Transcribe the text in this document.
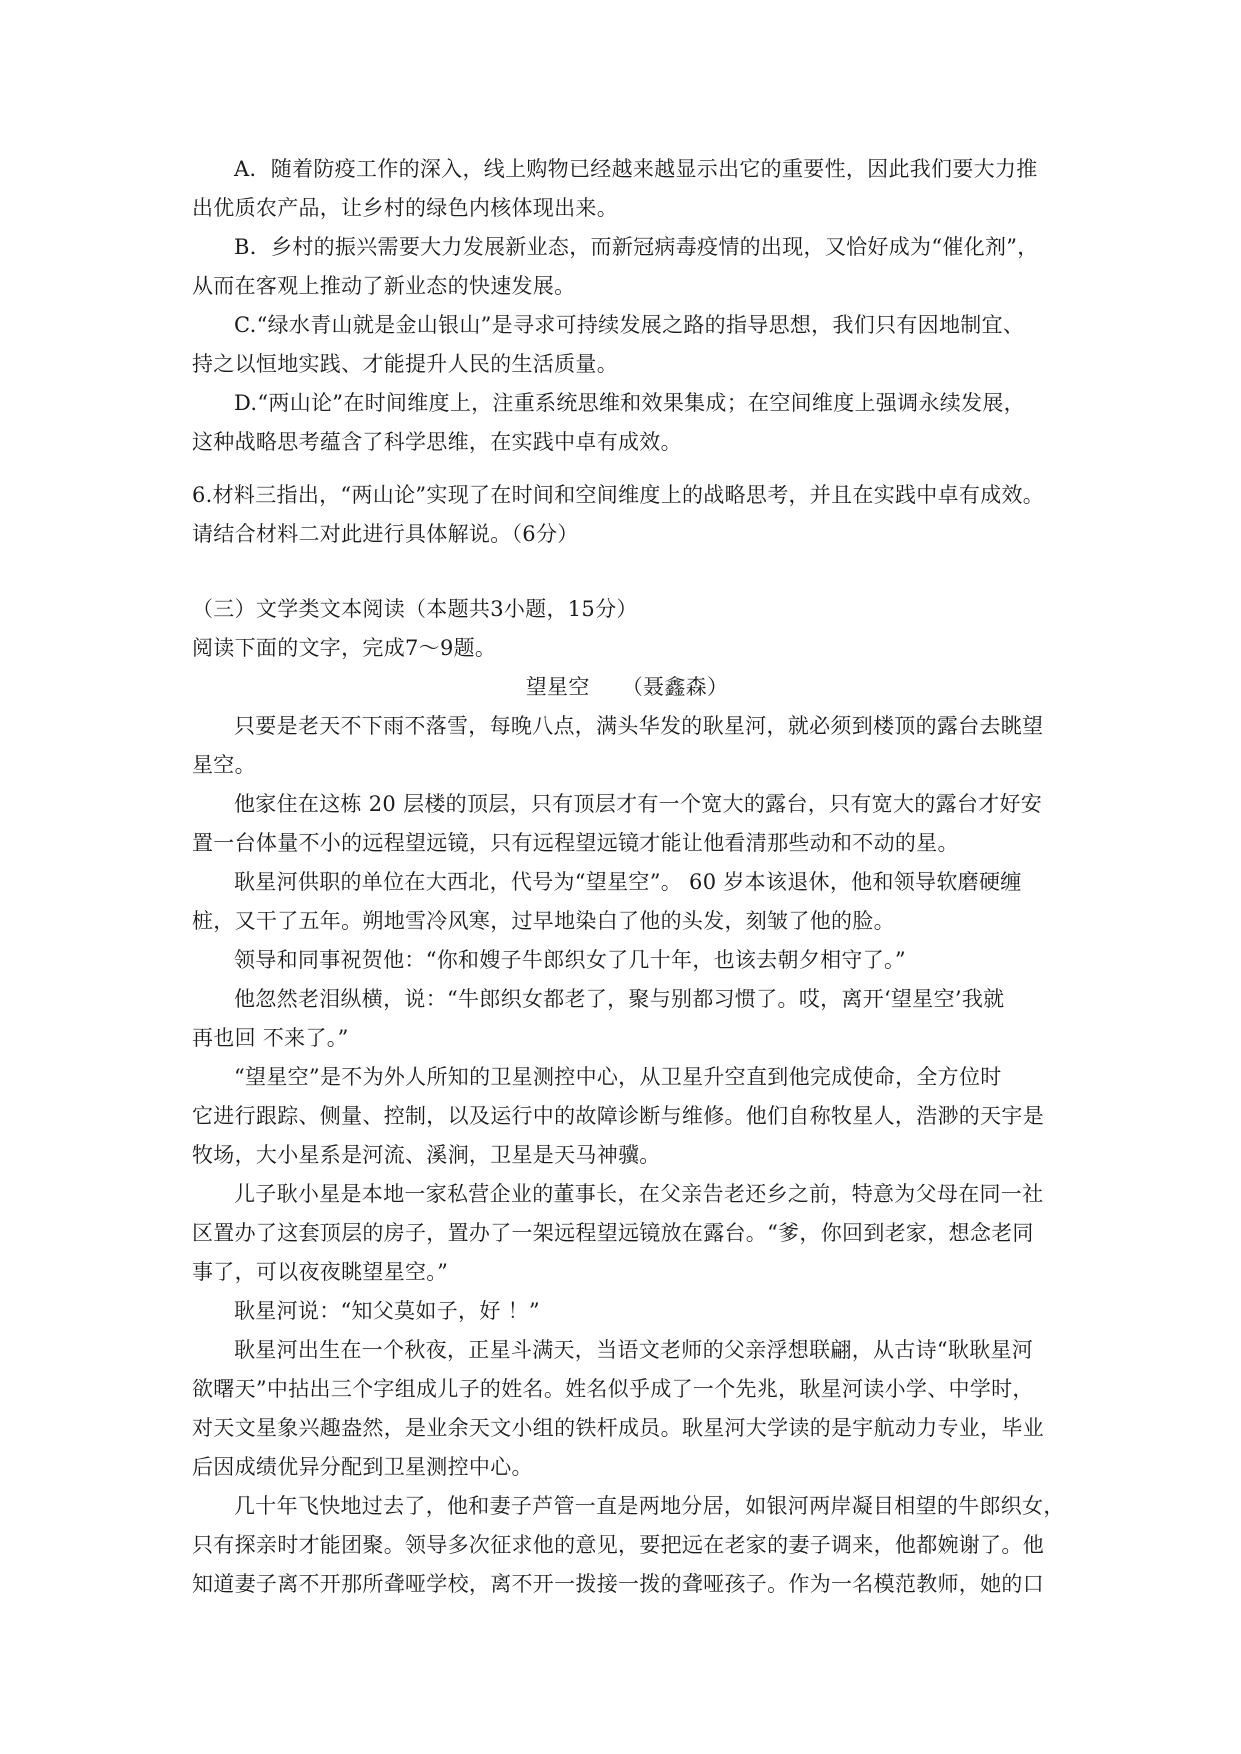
A．随着防疫工作的深入，线上购物已经越来越显示出它的重要性，因此我们要大力推
出优质农产品，让乡村的绿色内核体现出来。
B．乡村的振兴需要大力发展新业态，而新冠病毒疫情的出现，又恰好成为“催化剂”，
从而在客观上推动了新业态的快速发展。
C.“绿水青山就是金山银山”是寻求可持续发展之路的指导思想，我们只有因地制宜、
持之以恒地实践、才能提升人民的生活质量。
D.“两山论”在时间维度上，注重系统思维和效果集成；在空间维度上强调永续发展，
这种战略思考蕴含了科学思维，在实践中卓有成效。
6.材料三指出，“两山论”实现了在时间和空间维度上的战略思考，并且在实践中卓有成效。
请结合材料二对此进行具体解说。（6分）
（三）文学类文本阅读（本题共3小题，15分）
阅读下面的文字，完成7～9题。
望星空　　（聂鑫森）
只要是老天不下雨不落雪，每晚八点，满头华发的耿星河，就必须到楼顶的露台去眺望
星空。
他家住在这栋 20 层楼的顶层，只有顶层才有一个宽大的露台，只有宽大的露台才好安
置一台体量不小的远程望远镜，只有远程望远镜才能让他看清那些动和不动的星。
耿星河供职的单位在大西北，代号为“望星空”。 60 岁本该退休，他和领导软磨硬缠
桩，又干了五年。朔地雪冷风寒，过早地染白了他的头发，刻皱了他的脸。
领导和同事祝贺他：“你和嫂子牛郎织女了几十年，也该去朝夕相守了。”
他忽然老泪纵横，说：“牛郎织女都老了，聚与别都习惯了。哎，离开‘望星空’我就
再也回 不来了。”
“望星空”是不为外人所知的卫星测控中心，从卫星升空直到他完成使命，全方位时
它进行跟踪、侧量、控制，以及运行中的故障诊断与维修。他们自称牧星人，浩渺的天宇是
牧场，大小星系是河流、溪涧，卫星是天马神骥。
儿子耿小星是本地一家私营企业的董事长，在父亲告老还乡之前，特意为父母在同一社
区置办了这套顶层的房子，置办了一架远程望远镜放在露台。“爹，你回到老家，想念老同
事了，可以夜夜眺望星空。”
耿星河说：“知父莫如子，好 ！”
耿星河出生在一个秋夜，正星斗满天，当语文老师的父亲浮想联翩，从古诗“耿耿星河
欲曙天”中拈出三个字组成儿子的姓名。姓名似乎成了一个先兆，耿星河读小学、中学时，
对天文星象兴趣盎然，是业余天文小组的铁杆成员。耿星河大学读的是宇航动力专业，毕业
后因成绩优异分配到卫星测控中心。
几十年飞快地过去了，他和妻子芦管一直是两地分居，如银河两岸凝目相望的牛郎织女，
只有探亲时才能团聚。领导多次征求他的意见，要把远在老家的妻子调来，他都婉谢了。他
知道妻子离不开那所聋哑学校，离不开一拨接一拨的聋哑孩子。作为一名模范教师，她的口
